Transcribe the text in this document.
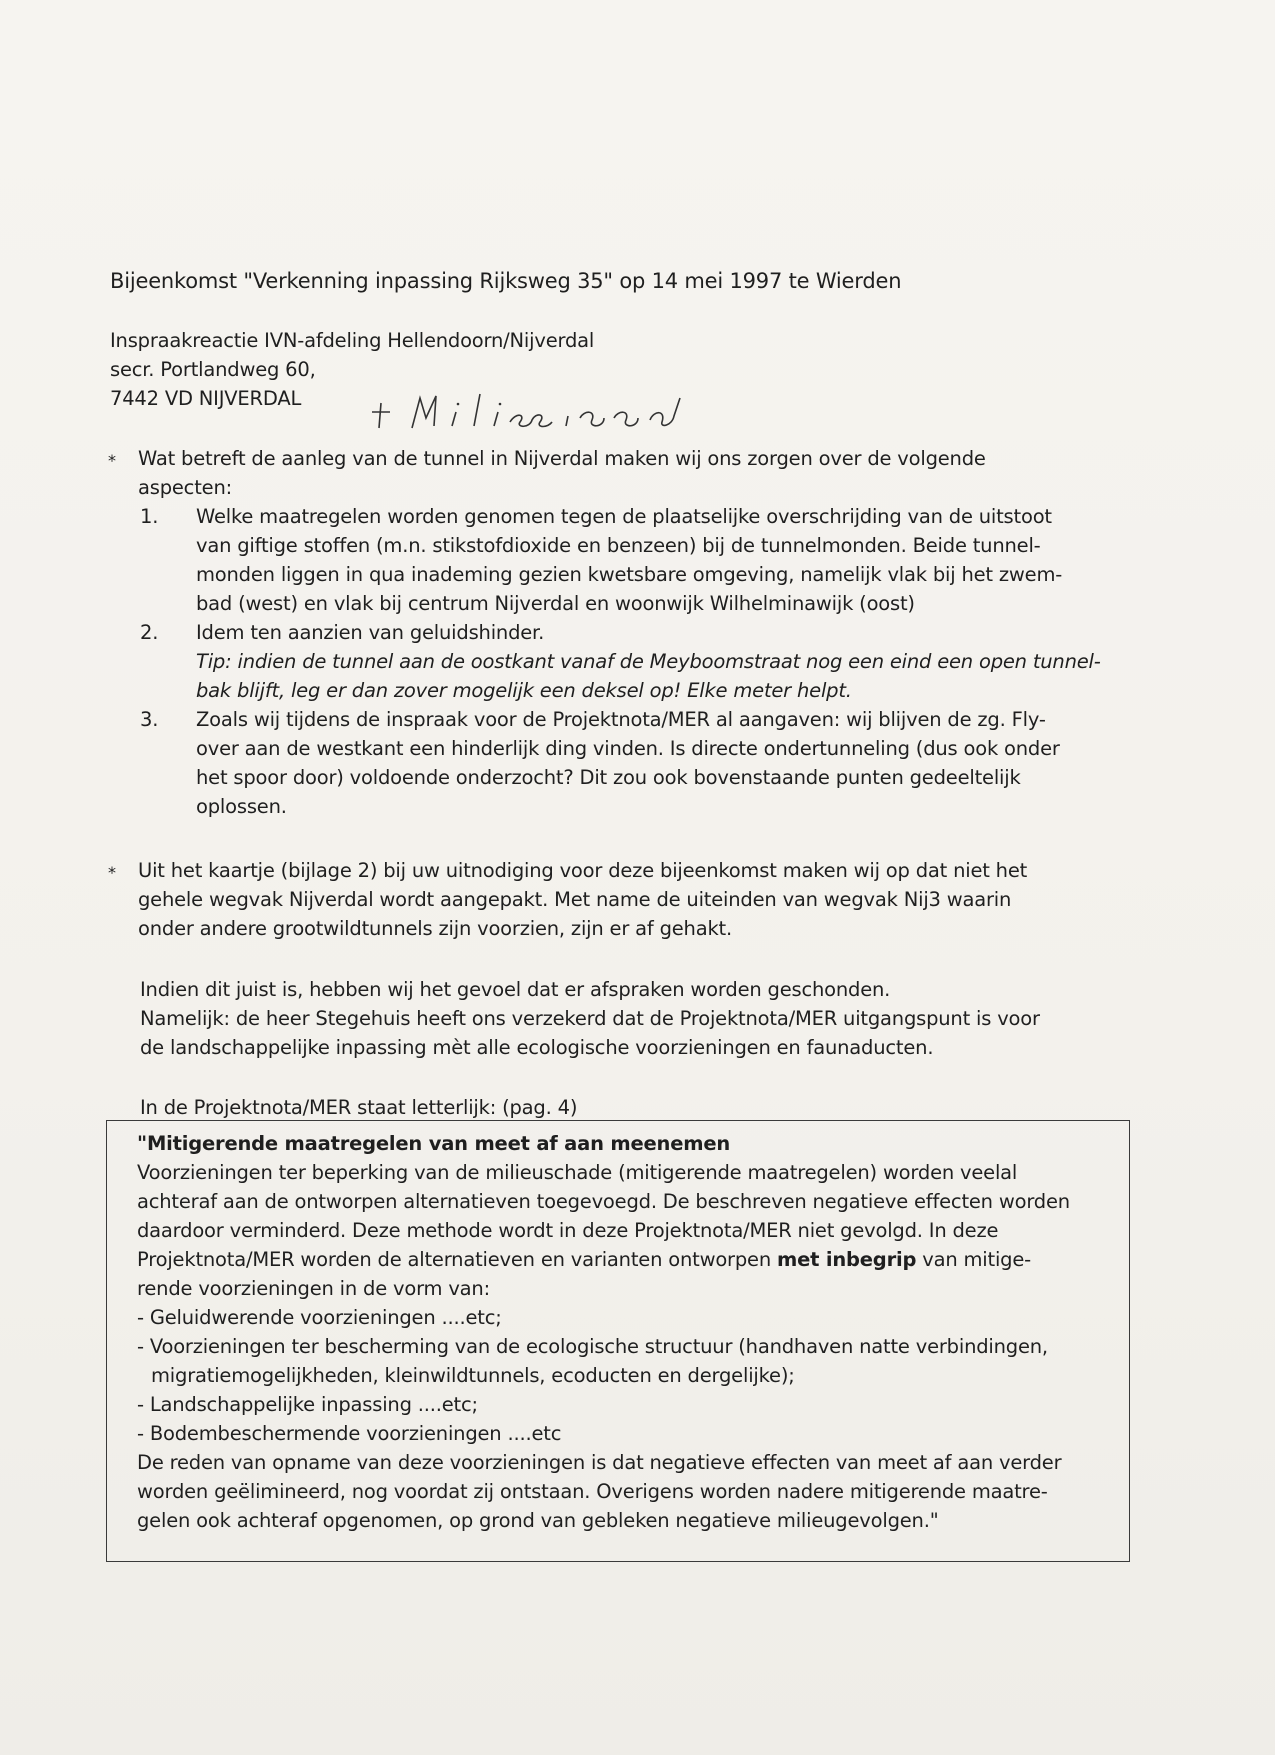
Bijeenkomst "Verkenning inpassing Rijksweg 35" op 14 mei 1997 te Wierden
Inspraakreactie IVN-afdeling Hellendoorn/Nijverdal
secr. Portlandweg 60,
7442 VD NIJVERDAL
*	Wat betreft de aanleg van de tunnel in Nijverdal maken wij ons zorgen over de volgende
aspecten:
1.	Welke maatregelen worden genomen tegen de plaatselijke overschrijding van de uitstoot
van giftige stoffen (m.n. stikstofdioxide en benzeen) bij de tunnelmonden. Beide tunnel-
monden liggen in qua inademing gezien kwetsbare omgeving, namelijk vlak bij het zwem-
bad (west) en vlak bij centrum Nijverdal en woonwijk Wilhelminawijk (oost)
2.	Idem ten aanzien van geluidshinder.
Tip: indien de tunnel aan de oostkant vanaf de Meyboomstraat nog een eind een open tunnel-
bak blijft, leg er dan zover mogelijk een deksel op! Elke meter helpt.
3.	Zoals wij tijdens de inspraak voor de Projektnota/MER al aangaven: wij blijven de zg. Fly-
over aan de westkant een hinderlijk ding vinden. Is directe ondertunneling (dus ook onder
het spoor door) voldoende onderzocht? Dit zou ook bovenstaande punten gedeeltelijk
oplossen.
*	Uit het kaartje (bijlage 2) bij uw uitnodiging voor deze bijeenkomst maken wij op dat niet het
gehele wegvak Nijverdal wordt aangepakt. Met name de uiteinden van wegvak Nij3 waarin
onder andere grootwildtunnels zijn voorzien, zijn er af gehakt.
Indien dit juist is, hebben wij het gevoel dat er afspraken worden geschonden.
Namelijk: de heer Stegehuis heeft ons verzekerd dat de Projektnota/MER uitgangspunt is voor
de landschappelijke inpassing mèt alle ecologische voorzieningen en faunaducten.
In de Projektnota/MER staat letterlijk: (pag. 4)
"Mitigerende maatregelen van meet af aan meenemen
Voorzieningen ter beperking van de milieuschade (mitigerende maatregelen) worden veelal
achteraf aan de ontworpen alternatieven toegevoegd. De beschreven negatieve effecten worden
daardoor verminderd. Deze methode wordt in deze Projektnota/MER niet gevolgd. In deze
Projektnota/MER worden de alternatieven en varianten ontworpen met inbegrip van mitige-
rende voorzieningen in de vorm van:
- Geluidwerende voorzieningen ....etc;
- Voorzieningen ter bescherming van de ecologische structuur (handhaven natte verbindingen,
migratiemogelijkheden, kleinwildtunnels, ecoducten en dergelijke);
- Landschappelijke inpassing ....etc;
- Bodembeschermende voorzieningen ....etc
De reden van opname van deze voorzieningen is dat negatieve effecten van meet af aan verder
worden geëlimineerd, nog voordat zij ontstaan. Overigens worden nadere mitigerende maatre-
gelen ook achteraf opgenomen, op grond van gebleken negatieve milieugevolgen."
